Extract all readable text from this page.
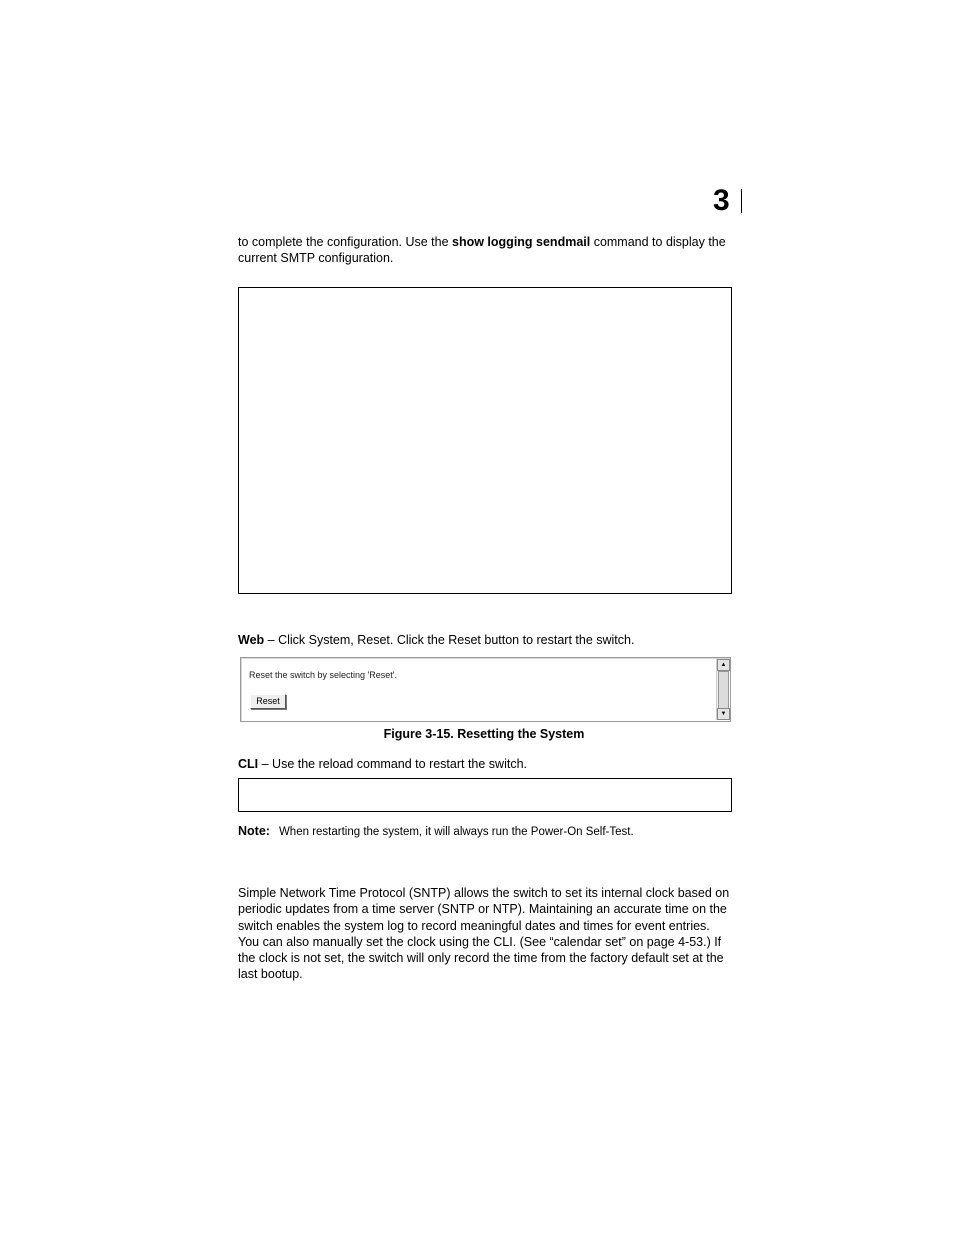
3
to complete the configuration. Use the show logging sendmail command to display the current SMTP configuration.
Web – Click System, Reset. Click the Reset button to restart the switch.
Reset the switch by selecting 'Reset'.
Reset
▲
▼
Figure 3-15. Resetting the System
CLI – Use the reload command to restart the switch.
Note: When restarting the system, it will always run the Power-On Self-Test.
Simple Network Time Protocol (SNTP) allows the switch to set its internal clock based on periodic updates from a time server (SNTP or NTP). Maintaining an accurate time on the switch enables the system log to record meaningful dates and times for event entries. You can also manually set the clock using the CLI. (See “calendar set” on page 4-53.) If the clock is not set, the switch will only record the time from the factory default set at the last bootup.
